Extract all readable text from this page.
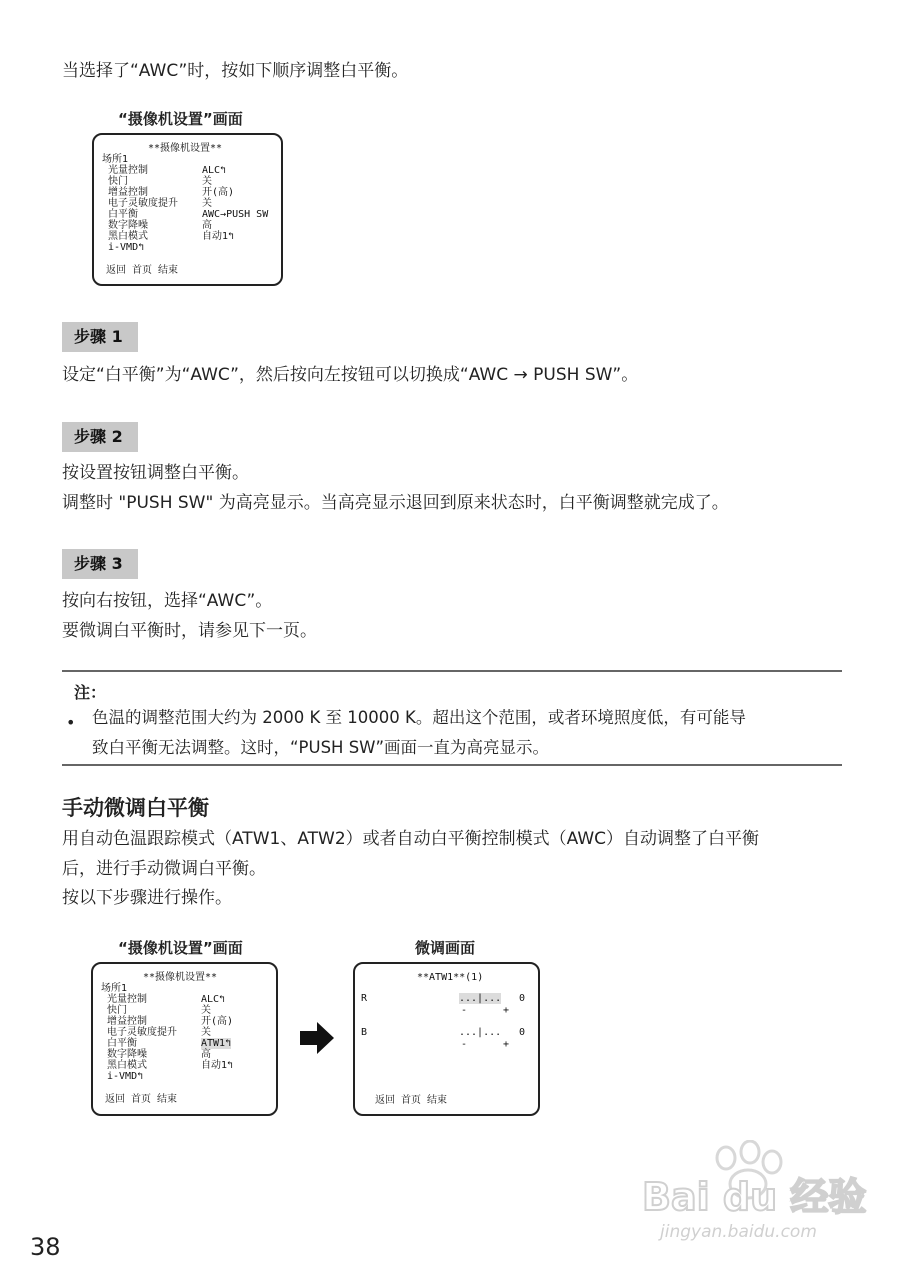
当选择了“AWC”时，按如下顺序调整白平衡。
“摄像机设置”画面
**摄像机设置**
场所1
光量控制	ALC↰
快门	关
增益控制	开(高)
电子灵敏度提升 关
白平衡	AWC→PUSH SW
数字降噪	高
黑白模式	自动1↰
i-VMD↰
返回 首页 结束
步骤 1
设定“白平衡”为“AWC”，然后按向左按钮可以切换成“AWC → PUSH SW”。
步骤 2
按设置按钮调整白平衡。
调整时 "PUSH SW" 为高亮显示。当高亮显示退回到原来状态时，白平衡调整就完成了。
步骤 3
按向右按钮，选择“AWC”。
要微调白平衡时，请参见下一页。
注：
• 色温的调整范围大约为 2000 K 至 10000 K。超出这个范围，或者环境照度低，有可能导
致白平衡无法调整。这时，“PUSH SW”画面一直为高亮显示。
手动微调白平衡
用自动色温跟踪模式（ATW1、ATW2）或者自动白平衡控制模式（AWC）自动调整了白平衡
后，进行手动微调白平衡。
按以下步骤进行操作。
“摄像机设置”画面
**摄像机设置**
场所1
光量控制	ALC↰
快门	关
增益控制	开(高)
电子灵敏度提升 关
白平衡	ATW1↰
数字降噪	高
黑白模式	自动1↰
i-VMD↰
返回 首页 结束
微调画面
**ATW1**(1)
R	...|... 0
-	+
B	...|... 0
-	+
返回 首页 结束
Bai du 经验
jingyan.baidu.com
38
